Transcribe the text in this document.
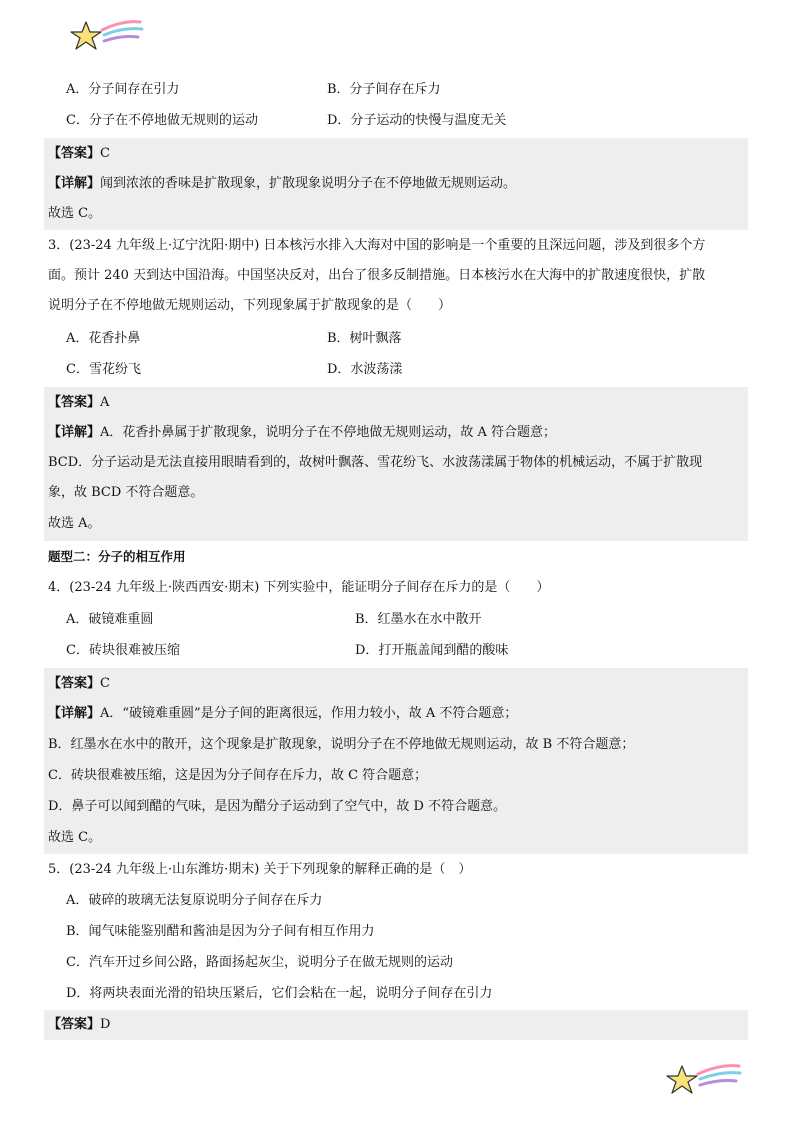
A．分子间存在引力	B．分子间存在斥力
C．分子在不停地做无规则的运动	D．分子运动的快慢与温度无关
【答案】C
【详解】闻到浓浓的香味是扩散现象，扩散现象说明分子在不停地做无规则运动。
故选 C。
3．(23-24 九年级上·辽宁沈阳·期中) 日本核污水排入大海对中国的影响是一个重要的且深远问题，涉及到很多个方
面。预计 240 天到达中国沿海。中国坚决反对，出台了很多反制措施。日本核污水在大海中的扩散速度很快，扩散
说明分子在不停地做无规则运动，下列现象属于扩散现象的是（　　）
A．花香扑鼻	B．树叶飘落
C．雪花纷飞	D．水波荡漾
【答案】A
【详解】A．花香扑鼻属于扩散现象，说明分子在不停地做无规则运动，故 A 符合题意；
BCD．分子运动是无法直接用眼睛看到的，故树叶飘落、雪花纷飞、水波荡漾属于物体的机械运动，不属于扩散现
象，故 BCD 不符合题意。
故选 A。
题型二：分子的相互作用
4．(23-24 九年级上·陕西西安·期末) 下列实验中，能证明分子间存在斥力的是（　　）
A．破镜难重圆	B．红墨水在水中散开
C．砖块很难被压缩	D．打开瓶盖闻到醋的酸味
【答案】C
【详解】A．“破镜难重圆”是分子间的距离很远，作用力较小，故 A 不符合题意；
B．红墨水在水中的散开，这个现象是扩散现象，说明分子在不停地做无规则运动，故 B 不符合题意；
C．砖块很难被压缩，这是因为分子间存在斥力，故 C 符合题意；
D．鼻子可以闻到醋的气味，是因为醋分子运动到了空气中，故 D 不符合题意。
故选 C。
5．(23-24 九年级上·山东潍坊·期末) 关于下列现象的解释正确的是（　）
A．破碎的玻璃无法复原说明分子间存在斥力
B．闻气味能鉴别醋和酱油是因为分子间有相互作用力
C．汽车开过乡间公路，路面扬起灰尘，说明分子在做无规则的运动
D．将两块表面光滑的铅块压紧后，它们会粘在一起，说明分子间存在引力
【答案】D
